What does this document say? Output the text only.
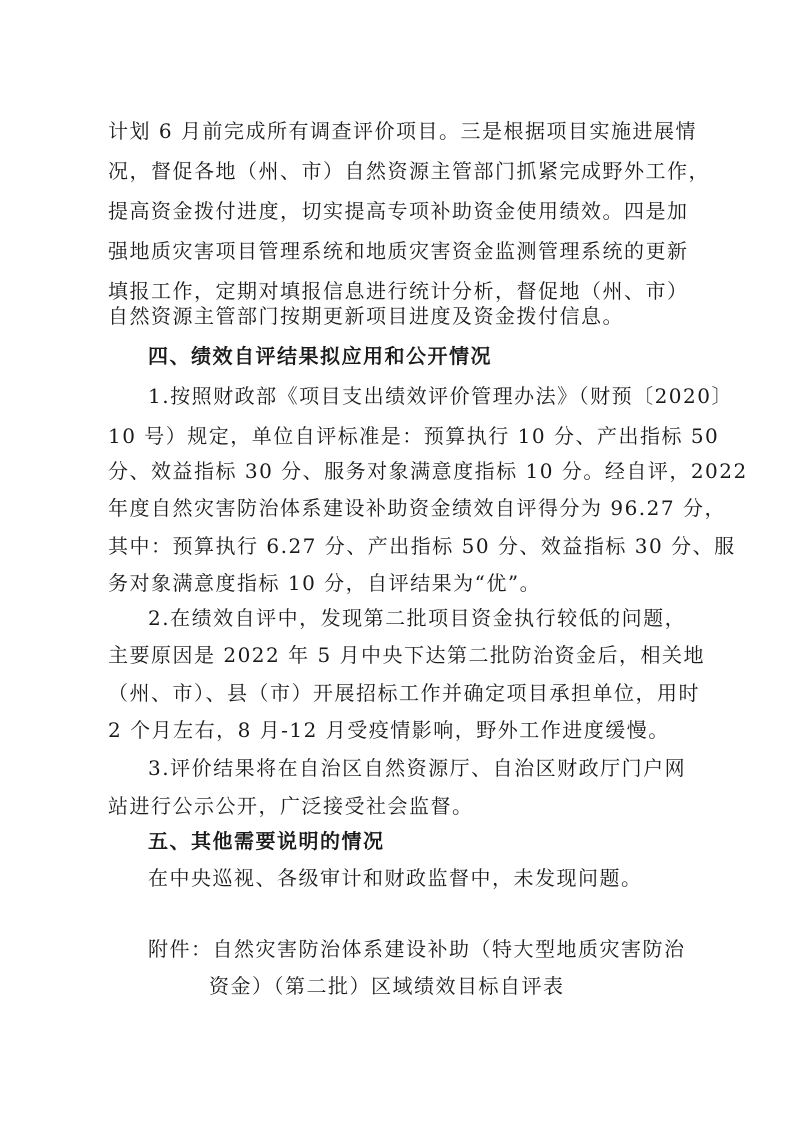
计划 6 月前完成所有调查评价项目。三是根据项目实施进展情
况，督促各地（州、市）自然资源主管部门抓紧完成野外工作，
提高资金拨付进度，切实提高专项补助资金使用绩效。四是加
强地质灾害项目管理系统和地质灾害资金监测管理系统的更新
填报工作，定期对填报信息进行统计分析，督促地（州、市）
自然资源主管部门按期更新项目进度及资金拨付信息。
四、绩效自评结果拟应用和公开情况
1.按照财政部《项目支出绩效评价管理办法》（财预〔2020〕
10 号）规定，单位自评标准是：预算执行 10 分、产出指标 50
分、效益指标 30 分、服务对象满意度指标 10 分。经自评，2022
年度自然灾害防治体系建设补助资金绩效自评得分为 96.27 分，
其中：预算执行 6.27 分、产出指标 50 分、效益指标 30 分、服
务对象满意度指标 10 分，自评结果为“优”。
2.在绩效自评中，发现第二批项目资金执行较低的问题，
主要原因是 2022 年 5 月中央下达第二批防治资金后，相关地
（州、市）、县（市）开展招标工作并确定项目承担单位，用时
2 个月左右，8 月-12 月受疫情影响，野外工作进度缓慢。
3.评价结果将在自治区自然资源厅、自治区财政厅门户网
站进行公示公开，广泛接受社会监督。
五、其他需要说明的情况
在中央巡视、各级审计和财政监督中，未发现问题。
附件：自然灾害防治体系建设补助（特大型地质灾害防治
资金）（第二批）区域绩效目标自评表
